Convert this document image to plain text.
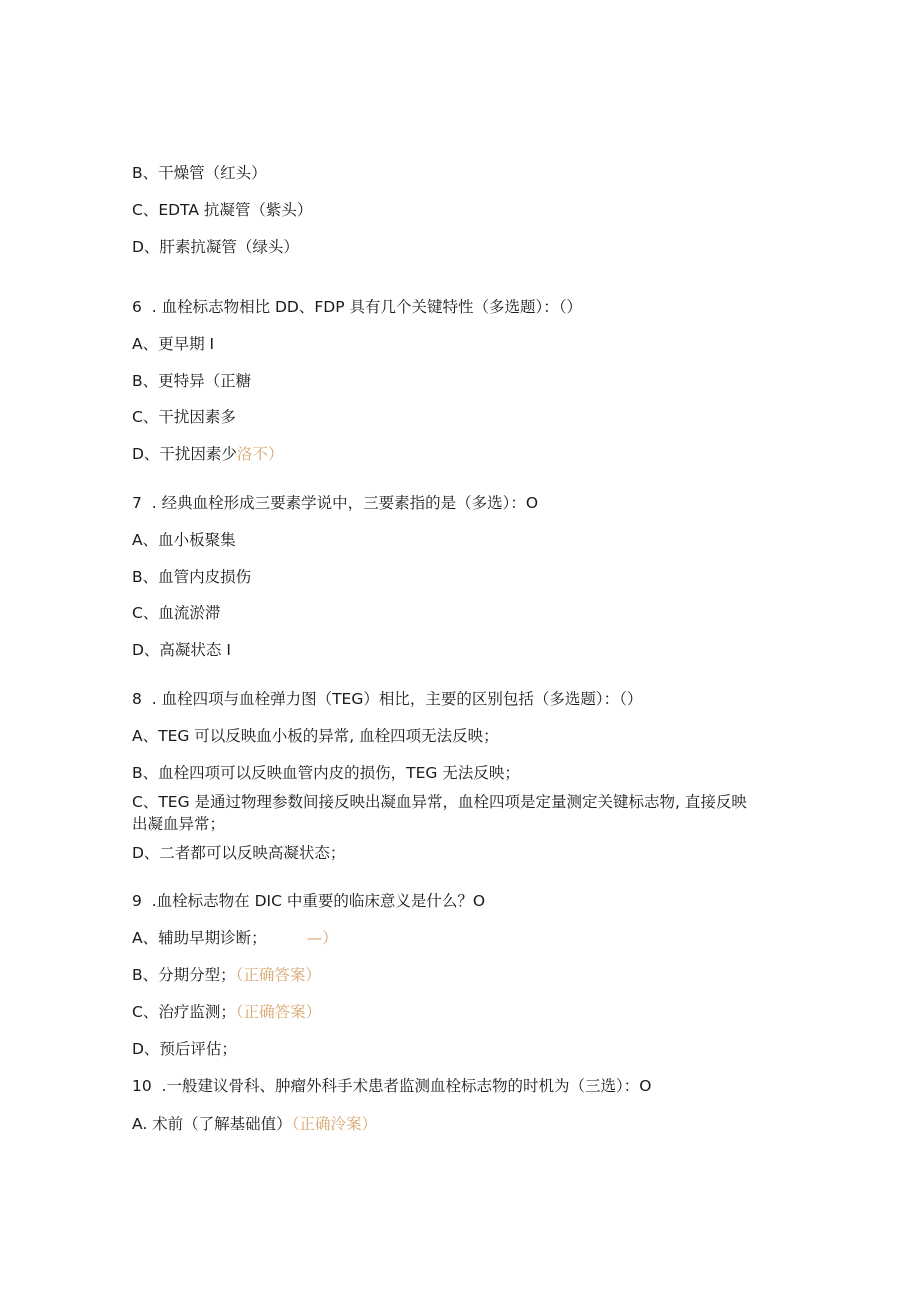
B、干燥管（红头）
C、EDTA 抗凝管（紫头）
D、肝素抗凝管（绿头）
6  . 血栓标志物相比 DD、FDP 具有几个关键特性（多选题）：（）
A、更早期 I
B、更特异（正糖
C、干扰因素多
D、干扰因素少洛不）
7  . 经典血栓形成三要素学说中，三要素指的是（多选）：O
A、血小板聚集
B、血管内皮损伤
C、血流淤滞
D、高凝状态 I
8  . 血栓四项与血栓弹力图（TEG）相比，主要的区别包括（多选题）：（）
A、TEG 可以反映血小板的异常, 血栓四项无法反映；
B、血栓四项可以反映血管内皮的损伤，TEG 无法反映；
C、TEG 是通过物理参数间接反映出凝血异常，血栓四项是定量测定关键标志物, 直接反映出凝血异常；
D、二者都可以反映高凝状态；
9  .血栓标志物在 DIC 中重要的临床意义是什么？O
A、辅助早期诊断；	—）
B、分期分型；（正确答案）
C、治疗监测；（正确答案）
D、预后评估；
10  .一般建议骨科、肿瘤外科手术患者监测血栓标志物的时机为（三选）：O
A. 术前（了解基础值）（正确泠案）
